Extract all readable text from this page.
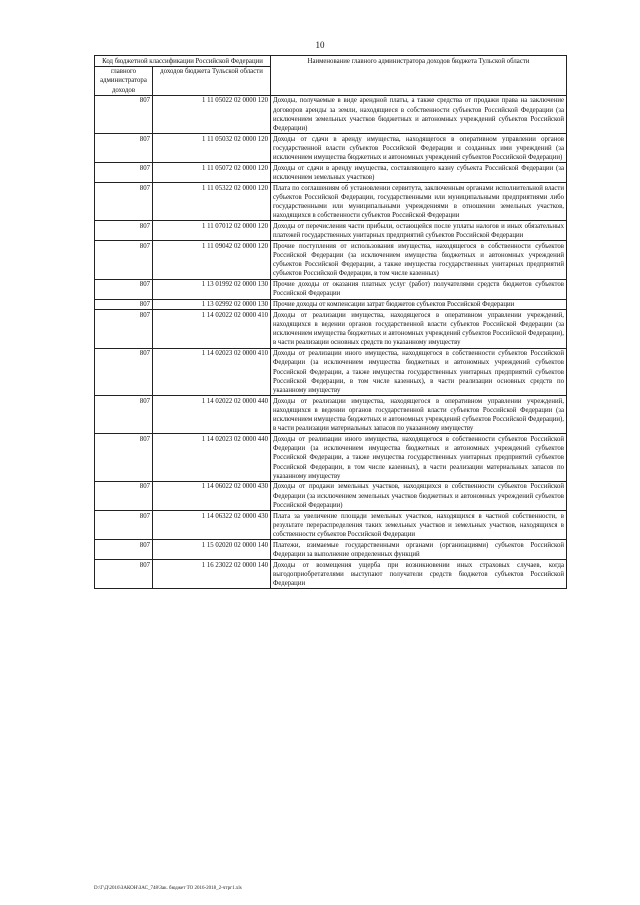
10
Код бюджетной классификации Российской Федерации		Наименование главного администратора доходов бюджета Тульской области
главного администратора доходов	доходов бюджета Тульской области	
807	1 11 05022 02 0000 120	Доходы, получаемые в виде арендной платы, а также средства от продажи права на заключение договоров аренды за земли, находящиеся в собственности субъектов Российской Федерации (за исключением земельных участков бюджетных и автономных учреждений субъектов Российской Федерации)
807	1 11 05032 02 0000 120	Доходы от сдачи в аренду имущества, находящегося в оперативном управлении органов государственной власти субъектов Российской Федерации и созданных ими учреждений (за исключением имущества бюджетных и автономных учреждений субъектов Российской Федерации)
807	1 11 05072 02 0000 120	Доходы от сдачи в аренду имущества, составляющего казну субъекта Российской Федерации (за исключением земельных участков)
807	1 11 05322 02 0000 120	Плата по соглашениям об установлении сервитута, заключенным органами исполнительной власти субъектов Российской Федерации, государственными или муниципальными предприятиями либо государственными или муниципальными учреждениями в отношении земельных участков, находящихся в собственности субъектов Российской Федерации
807	1 11 07012 02 0000 120	Доходы от перечисления части прибыли, остающейся после уплаты налогов и иных обязательных платежей государственных унитарных предприятий субъектов Российской Федерации
807	1 11 09042 02 0000 120	Прочие поступления от использования имущества, находящегося в собственности субъектов Российской Федерации (за исключением имущества бюджетных и автономных учреждений субъектов Российской Федерации, а также имущества государственных унитарных предприятий субъектов Российской Федерации, в том числе казенных)
807	1 13 01992 02 0000 130	Прочие доходы от оказания платных услуг (работ) получателями средств бюджетов субъектов Российской Федерации
807	1 13 02992 02 0000 130	Прочие доходы от компенсации затрат бюджетов субъектов Российской Федерации
807	1 14 02022 02 0000 410	Доходы от реализации имущества, находящегося в оперативном управлении учреждений, находящихся в ведении органов государственной власти субъектов Российской Федерации (за исключением имущества бюджетных и автономных учреждений субъектов Российской Федерации), в части реализации основных средств по указанному имуществу
807	1 14 02023 02 0000 410	Доходы от реализации иного имущества, находящегося в собственности субъектов Российской Федерации (за исключением имущества бюджетных и автономных учреждений субъектов Российской Федерации, а также имущества государственных унитарных предприятий субъектов Российской Федерации, в том числе казенных), в части реализации основных средств по указанному имуществу
807	1 14 02022 02 0000 440	Доходы от реализации имущества, находящегося в оперативном управлении учреждений, находящихся в ведении органов государственной власти субъектов Российской Федерации (за исключением имущества бюджетных и автономных учреждений субъектов Российской Федерации), в части реализации материальных запасов по указанному имуществу
807	1 14 02023 02 0000 440	Доходы от реализации иного имущества, находящегося в собственности субъектов Российской Федерации (за исключением имущества бюджетных и автономных учреждений субъектов Российской Федерации, а также имущества государственных унитарных предприятий субъектов Российской Федерации, в том числе казенных), в части реализации материальных запасов по указанному имуществу
807	1 14 06022 02 0000 430	Доходы от продажи земельных участков, находящихся в собственности субъектов Российской Федерации (за исключением земельных участков бюджетных и автономных учреждений субъектов Российской Федерации)
807	1 14 06322 02 0000 430	Плата за увеличение площади земельных участков, находящихся в частной собственности, в результате перераспределения таких земельных участков и земельных участков, находящихся в собственности субъектов Российской Федерации
807	1 15 02020 02 0000 140	Платежи, взимаемые государственными органами (организациями) субъектов Российской Федерации за выполнение определенных функций
807	1 16 23022 02 0000 140	Доходы от возмещения ущерба при возникновении иных страховых случаев, когда выгодоприобретателями выступают получатели средств бюджетов субъектов Российской Федерации
D:\Г\Д\2016\ЗАКОН\ЗАС_748\Зак. бюджет ТО 2016-2018_2-чтрг1.xls
